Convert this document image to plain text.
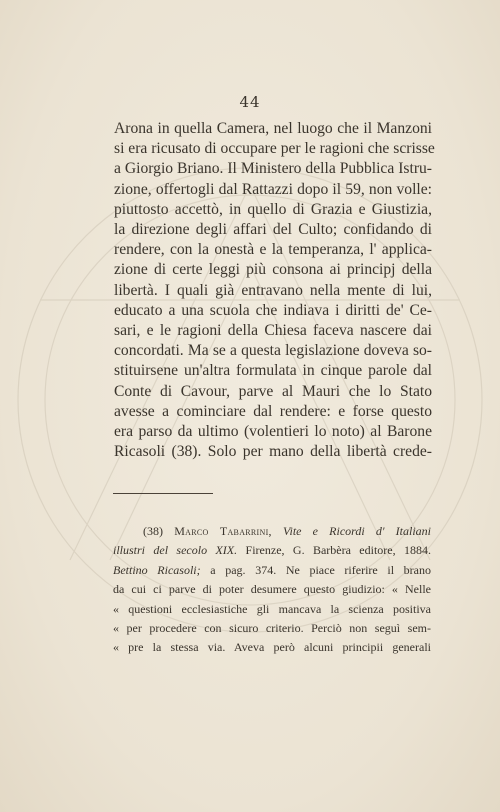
44
Arona in quella Camera, nel luogo che il Manzoni
si era ricusato di occupare per le ragioni che scrisse
a Giorgio Briano. Il Ministero della Pubblica Istru-
zione, offertogli dal Rattazzi dopo il 59, non volle:
piuttosto accettò, in quello di Grazia e Giustizia,
la direzione degli affari del Culto; confidando di
rendere, con la onestà e la temperanza, l' applica-
zione di certe leggi più consona ai principj della
libertà. I quali già entravano nella mente di lui,
educato a una scuola che indiava i diritti de' Ce-
sari, e le ragioni della Chiesa faceva nascere dai
concordati. Ma se a questa legislazione doveva so-
stituirsene un'altra formulata in cinque parole dal
Conte di Cavour, parve al Mauri che lo Stato
avesse a cominciare dal rendere: e forse questo
era parso da ultimo (volentieri lo noto) al Barone
Ricasoli (38). Solo per mano della libertà crede-
(38) Marco Tabarrini, Vite e Ricordi d' Italiani
illustri del secolo XIX. Firenze, G. Barbèra editore, 1884.
Bettino Ricasoli; a pag. 374. Ne piace riferire il brano
da cui ci parve di poter desumere questo giudizio: « Nelle
« questioni ecclesiastiche gli mancava la scienza positiva
« per procedere con sicuro criterio. Perciò non seguì sem-
« pre la stessa via. Aveva però alcuni principii generali
